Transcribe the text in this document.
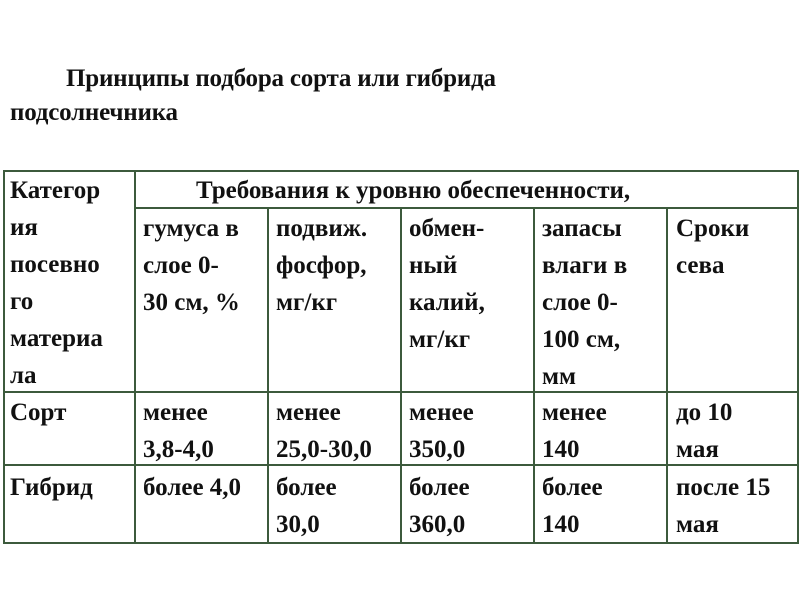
Принципы подбора сорта или гибрида
подсолнечника
Категор
ия
посевно
го
материа
ла
Требования к уровню обеспеченности,
гумуса в
слое 0-
30 см, %
подвиж.
фосфор,
мг/кг
обмен-
ный
калий,
мг/кг
запасы
влаги в
слое 0-
100 см,
мм
Сроки
сева
Сорт	менее
3,8-4,0
менее
25,0-30,0
менее
350,0
менее
140
до 10
мая
Гибрид более 4,0 более
30,0
более
360,0
более
140
после 15
мая
